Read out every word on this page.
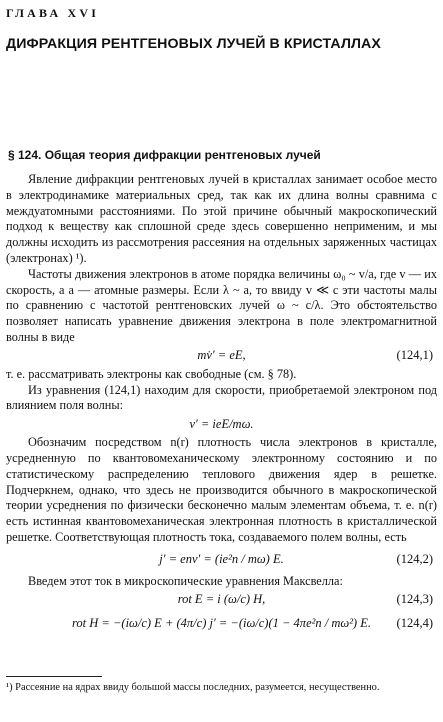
ГЛАВА XVI
ДИФРАКЦИЯ РЕНТГЕНОВЫХ ЛУЧЕЙ В КРИСТАЛЛАХ
§ 124. Общая теория дифракции рентгеновых лучей

Явление дифракции рентгеновых лучей в кристаллах занимает особое место в электродинамике материальных сред, так как их длина волны сравнима с междуатомными расстояниями. По этой причине обычный макроскопический подход к веществу как сплошной среде здесь совершенно неприменим, и мы должны исходить из рассмотрения рассеяния на отдельных заряженных частицах (электронах) ¹).

Частоты движения электронов в атоме порядка величины ω₀ ~ v/a, где v — их скорость, а a — атомные размеры. Если λ ~ a, то ввиду v ≪ c эти частоты малы по сравнению с частотой рентгеновских лучей ω ~ c/λ. Это обстоятельство позволяет написать уравнение движения электрона в поле электромагнитной волны в виде

mv̇′ = eE,	(124,1)

т. е. рассматривать электроны как свободные (см. § 78).

Из уравнения (124,1) находим для скорости, приобретаемой электроном под влиянием поля волны:

v′ = ieE/mω.

Обозначим посредством n(r) плотность числа электронов в кристалле, усредненную по квантовомеханическому электронному состоянию и по статистическому распределению теплового движения ядер в решетке. Подчеркнем, однако, что здесь не производится обычного в макроскопической теории усреднения по физически бесконечно малым элементам объема, т. е. n(r) есть истинная квантовомеханическая электронная плотность в кристаллической решетке. Соответствующая плотность тока, создаваемого полем волны, есть

j′ = env′ = (ie²n / mω) E.	(124,2)

Введем этот ток в микроскопические уравнения Максвелла:

rot E = i (ω/c) H,	(124,3)
rot H = −(iω/c) E + (4π/c) j′ = −(iω/c)(1 − 4πe²n / mω²) E. (124,4)
¹) Рассеяние на ядрах ввиду большой массы последних, разумеется, несущественно.
